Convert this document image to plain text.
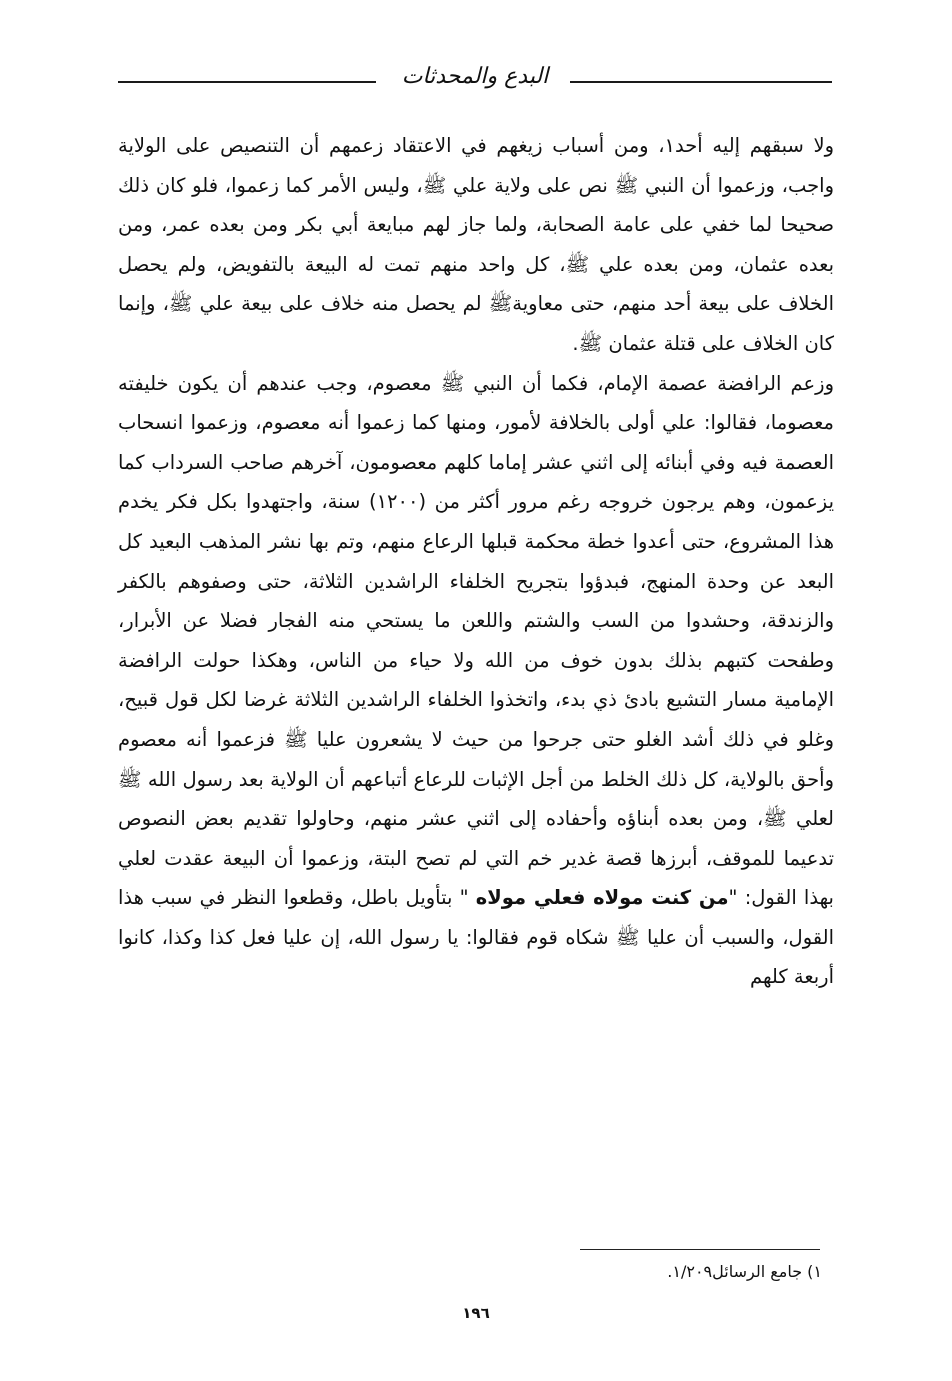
البدع والمحدثات

ولا سبقهم إليه أحد١، ومن أسباب زيغهم في الاعتقاد زعمهم أن التنصيص على الولاية واجب، وزعموا أن النبي ﷺ نص على ولاية علي ﷺ، وليس الأمر كما زعموا، فلو كان ذلك صحيحا لما خفي على عامة الصحابة، ولما جاز لهم مبايعة أبي بكر ومن بعده عمر، ومن بعده عثمان، ومن بعده علي ﷺ، كل واحد منهم تمت له البيعة بالتفويض، ولم يحصل الخلاف على بيعة أحد منهم، حتى معاويةﷺ لم يحصل منه خلاف على بيعة علي ﷺ، وإنما كان الخلاف على قتلة عثمان ﷺ.

وزعم الرافضة عصمة الإمام، فكما أن النبي ﷺ معصوم، وجب عندهم أن يكون خليفته معصوما، فقالوا: علي أولى بالخلافة لأمور، ومنها كما زعموا أنه معصوم، وزعموا انسحاب العصمة فيه وفي أبنائه إلى اثني عشر إماما كلهم معصومون، آخرهم صاحب السرداب كما يزعمون، وهم يرجون خروجه رغم مرور أكثر من (١٢٠٠) سنة، واجتهدوا بكل فكر يخدم هذا المشروع، حتى أعدوا خطة محكمة قبلها الرعاع منهم، وتم بها نشر المذهب البعيد كل البعد عن وحدة المنهج، فبدؤوا بتجريح الخلفاء الراشدين الثلاثة، حتى وصفوهم بالكفر والزندقة، وحشدوا من السب والشتم واللعن ما يستحي منه الفجار فضلا عن الأبرار، وطفحت كتبهم بذلك بدون خوف من الله ولا حياء من الناس، وهكذا حولت الرافضة الإمامية مسار التشيع بادئ ذي بدء، واتخذوا الخلفاء الراشدين الثلاثة غرضا لكل قول قبيح، وغلو في ذلك أشد الغلو حتى جرحوا من حيث لا يشعرون عليا ﷺ فزعموا أنه معصوم وأحق بالولاية، كل ذلك الخلط من أجل الإثبات للرعاع أتباعهم أن الولاية بعد رسول الله ﷺ لعلي ﷺ، ومن بعده أبناؤه وأحفاده إلى اثني عشر منهم، وحاولوا تقديم بعض النصوص تدعيما للموقف، أبرزها قصة غدير خم التي لم تصح البتة، وزعموا أن البيعة عقدت لعلي بهذا القول: "من كنت مولاه فعلي مولاه " بتأويل باطل، وقطعوا النظر في سبب هذا القول، والسبب أن عليا ﷺ شكاه قوم فقالوا: يا رسول الله، إن عليا فعل كذا وكذا، كانوا أربعة كلهم

١) جامع الرسائل١/٢٠٩.
١٩٦
